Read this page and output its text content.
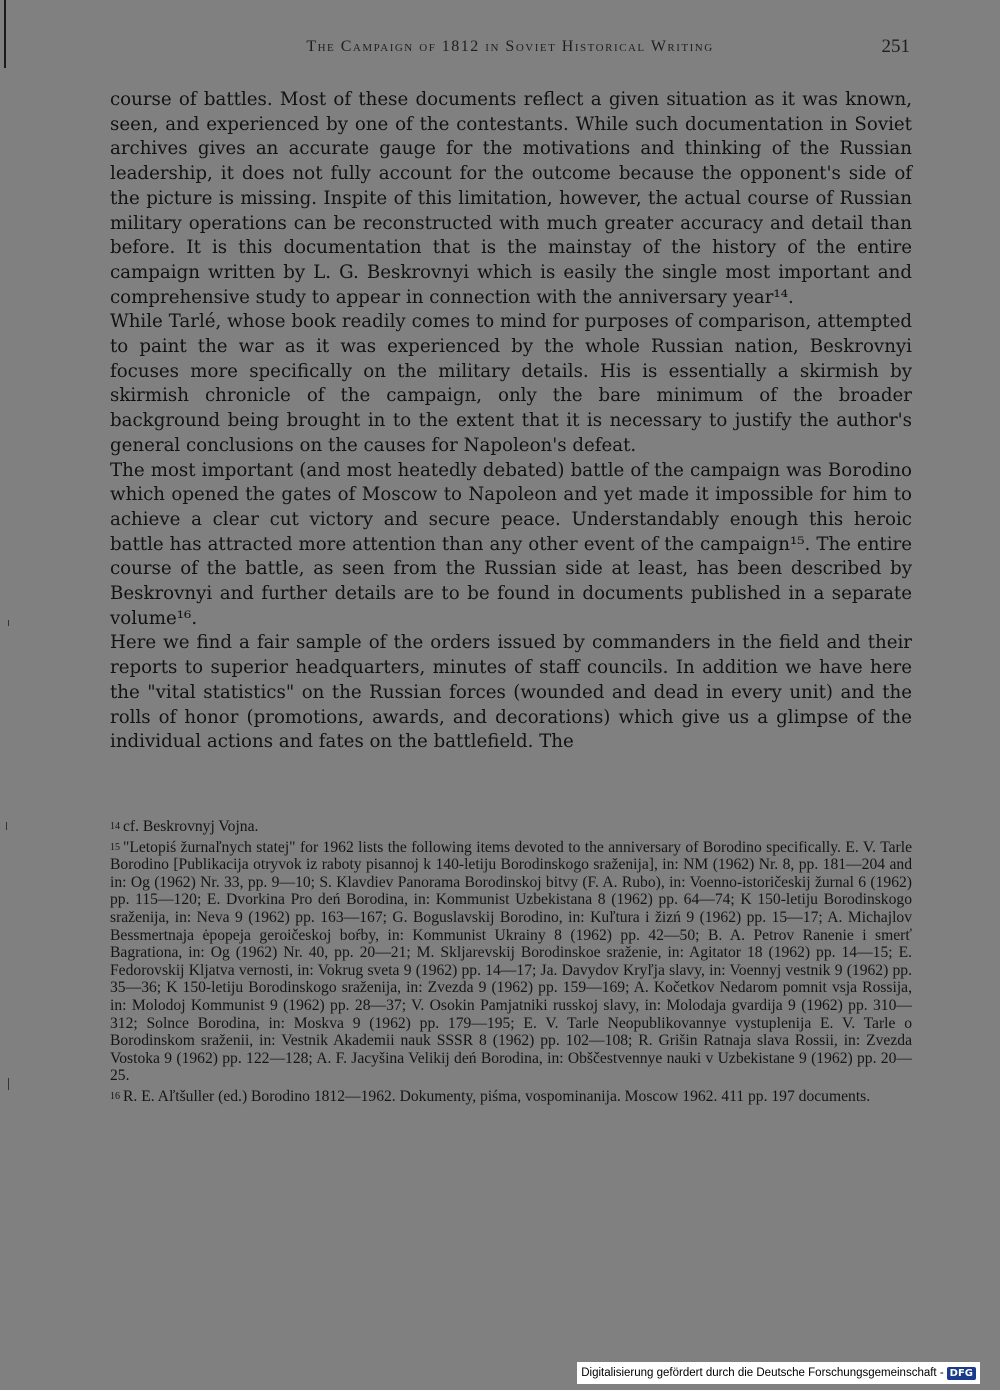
The Campaign of 1812 in Soviet Historical Writing	251

course of battles. Most of these documents reflect a given situation as it was known, seen, and experienced by one of the contestants. While such documentation in Soviet archives gives an accurate gauge for the motivations and thinking of the Russian leadership, it does not fully account for the outcome because the opponent's side of the picture is missing. Inspite of this limitation, however, the actual course of Russian military operations can be reconstructed with much greater accuracy and detail than before. It is this documentation that is the mainstay of the history of the entire campaign written by L. G. Beskrovnyi which is easily the single most important and comprehensive study to appear in connection with the anniversary year¹⁴.

While Tarlé, whose book readily comes to mind for purposes of comparison, attempted to paint the war as it was experienced by the whole Russian nation, Beskrovnyi focuses more specifically on the military details. His is essentially a skirmish by skirmish chronicle of the campaign, only the bare minimum of the broader background being brought in to the extent that it is necessary to justify the author's general conclusions on the causes for Napoleon's defeat.

The most important (and most heatedly debated) battle of the campaign was Borodino which opened the gates of Moscow to Napoleon and yet made it impossible for him to achieve a clear cut victory and secure peace. Understandably enough this heroic battle has attracted more attention than any other event of the campaign¹⁵. The entire course of the battle, as seen from the Russian side at least, has been described by Beskrovnyi and further details are to be found in documents published in a separate volume¹⁶.

Here we find a fair sample of the orders issued by commanders in the field and their reports to superior headquarters, minutes of staff councils. In addition we have here the "vital statistics" on the Russian forces (wounded and dead in every unit) and the rolls of honor (promotions, awards, and decorations) which give us a glimpse of the individual actions and fates on the battlefield. The

$^{14}$ cf. Beskrovnyj Vojna.

$^{15}$ "Letopiś žurnaľnych statej" for 1962 lists the following items devoted to the anniversary of Borodino specifically. E. V. Tarle Borodino [Publikacija otryvok iz raboty pisannoj k 140-letiju Borodinskogo sraženija], in: NM (1962) Nr. 8, pp. 181—204 and in: Og (1962) Nr. 33, pp. 9—10; S. Klavdiev Panorama Borodinskoj bitvy (F. A. Rubo), in: Voenno-istoričeskij žurnal 6 (1962) pp. 115—120; E. Dvorkina Pro deń Borodina, in: Kommunist Uzbekistana 8 (1962) pp. 64—74; K 150-letiju Borodinskogo sraženija, in: Neva 9 (1962) pp. 163—167; G. Boguslavskij Borodino, in: Kuľtura i žizń 9 (1962) pp. 15—17; A. Michajlov Bessmertnaja ėpopeja geroičeskoj boŕby, in: Kommunist Ukrainy 8 (1962) pp. 42—50; B. A. Petrov Ranenie i smerť Bagrationa, in: Og (1962) Nr. 40, pp. 20—21; M. Skljarevskij Borodinskoe sraženie, in: Agitator 18 (1962) pp. 14—15; E. Fedorovskij Kljatva vernosti, in: Vokrug sveta 9 (1962) pp. 14—17; Ja. Davydov Kryľja slavy, in: Voennyj vestnik 9 (1962) pp. 35—36; K 150-letiju Borodinskogo sraženija, in: Zvezda 9 (1962) pp. 159—169; A. Kočetkov Nedarom pomnit vsja Rossija, in: Molodoj Kommunist 9 (1962) pp. 28—37; V. Osokin Pamjatniki russkoj slavy, in: Molodaja gvardija 9 (1962) pp. 310—312; Solnce Borodina, in: Moskva 9 (1962) pp. 179—195; E. V. Tarle Neopublikovannye vystuplenija E. V. Tarle o Borodinskom sraženii, in: Vestnik Akademii nauk SSSR 8 (1962) pp. 102—108; R. Grišin Ratnaja slava Rossii, in: Zvezda Vostoka 9 (1962) pp. 122—128; A. F. Jacyšina Velikij deń Borodina, in: Obščestvennye nauki v Uzbekistane 9 (1962) pp. 20—25.

$^{16}$ R. E. Aľtšuller (ed.) Borodino 1812—1962. Dokumenty, piśma, vospominanija. Moscow 1962. 411 pp. 197 documents.

Digitalisierung gefördert durch die Deutsche Forschungsgemeinschaft - DFG
